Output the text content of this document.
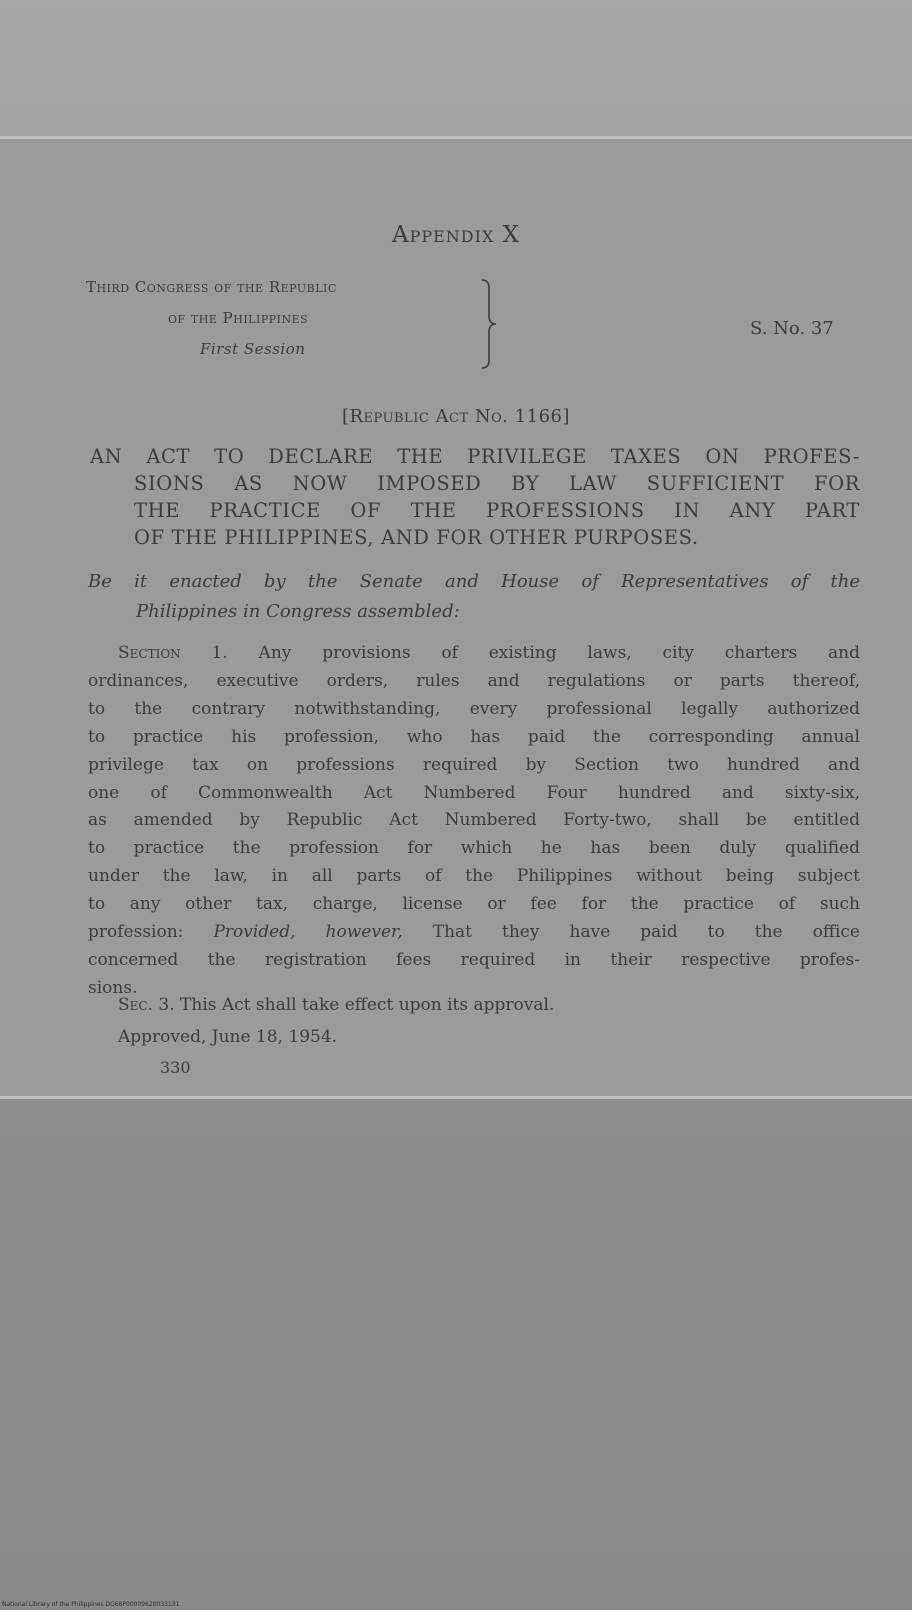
Appendix X
Third Congress of the Republic
of the Philippines
First Session
S. No. 37
[Republic Act No. 1166]
AN ACT TO DECLARE THE PRIVILEGE TAXES ON PROFES-
SIONS AS NOW IMPOSED BY LAW SUFFICIENT FOR
THE PRACTICE OF THE PROFESSIONS IN ANY PART
OF THE PHILIPPINES, AND FOR OTHER PURPOSES.
Be it enacted by the Senate and House of Representatives of the
Philippines in Congress assembled:
Section 1. Any provisions of existing laws, city charters and
ordinances, executive orders, rules and regulations or parts thereof,
to the contrary notwithstanding, every professional legally authorized
to practice his profession, who has paid the corresponding annual
privilege tax on professions required by Section two hundred and
one of Commonwealth Act Numbered Four hundred and sixty-six,
as amended by Republic Act Numbered Forty-two, shall be entitled
to practice the profession for which he has been duly qualified
under the law, in all parts of the Philippines without being subject
to any other tax, charge, license or fee for the practice of such
profession: Provided, however, That they have paid to the office
concerned the registration fees required in their respective profes-
sions.
Sec. 3. This Act shall take effect upon its approval.
Approved, June 18, 1954.
330
National Library of the Philippines DG68P00009620033131
